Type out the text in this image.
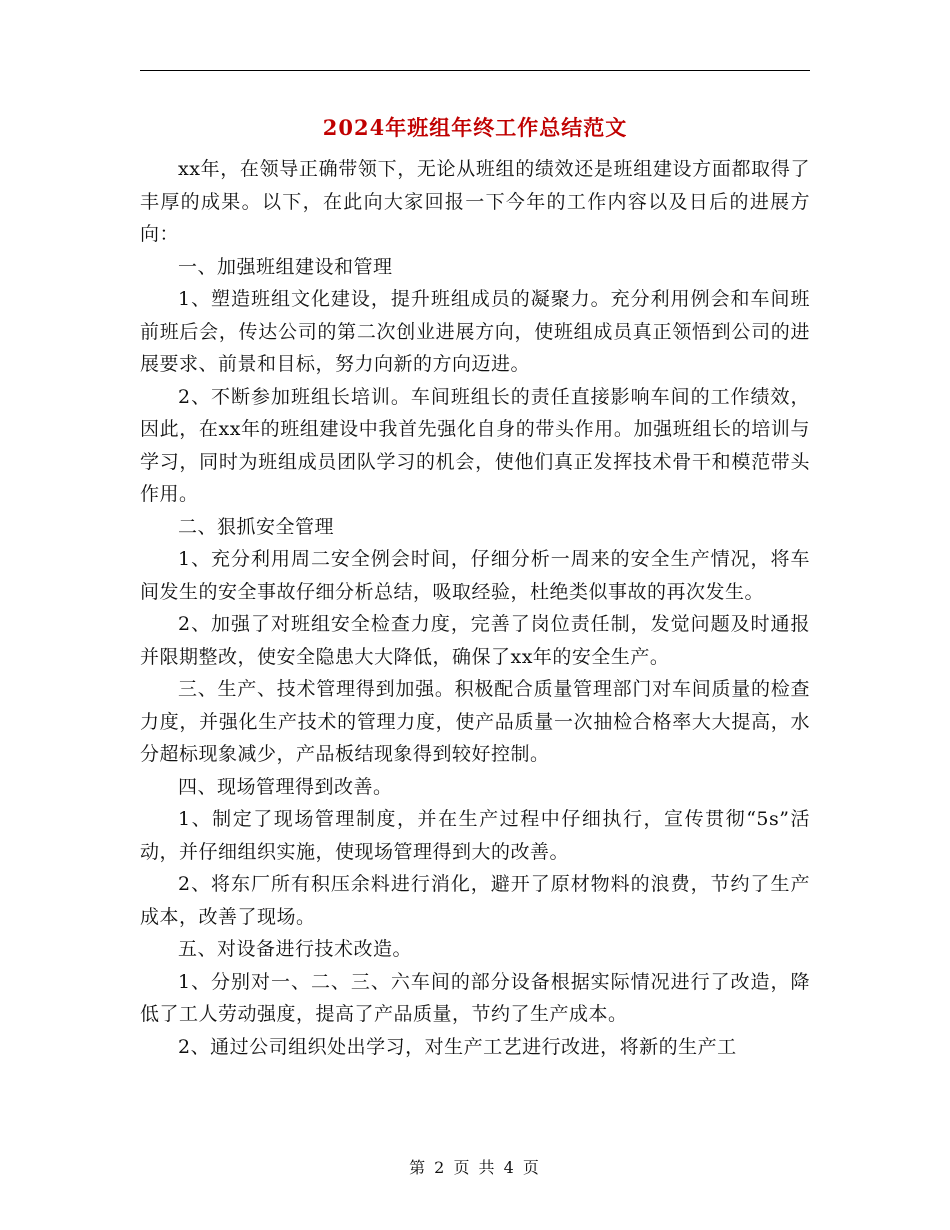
2024年班组年终工作总结范文

xx年，在领导正确带领下，无论从班组的绩效还是班组建设方面都取得了丰厚的成果。以下，在此向大家回报一下今年的工作内容以及日后的进展方向：

一、加强班组建设和管理

1、塑造班组文化建设，提升班组成员的凝聚力。充分利用例会和车间班前班后会，传达公司的第二次创业进展方向，使班组成员真正领悟到公司的进展要求、前景和目标，努力向新的方向迈进。

2、不断参加班组长培训。车间班组长的责任直接影响车间的工作绩效，因此，在xx年的班组建设中我首先强化自身的带头作用。加强班组长的培训与学习，同时为班组成员团队学习的机会，使他们真正发挥技术骨干和模范带头作用。

二、狠抓安全管理

1、充分利用周二安全例会时间，仔细分析一周来的安全生产情况，将车间发生的安全事故仔细分析总结，吸取经验，杜绝类似事故的再次发生。

2、加强了对班组安全检查力度，完善了岗位责任制，发觉问题及时通报并限期整改，使安全隐患大大降低，确保了xx年的安全生产。

三、生产、技术管理得到加强。积极配合质量管理部门对车间质量的检查力度，并强化生产技术的管理力度，使产品质量一次抽检合格率大大提高，水分超标现象减少，产品板结现象得到较好控制。

四、现场管理得到改善。

1、制定了现场管理制度，并在生产过程中仔细执行，宣传贯彻“5s”活动，并仔细组织实施，使现场管理得到大的改善。

2、将东厂所有积压余料进行消化，避开了原材物料的浪费，节约了生产成本，改善了现场。

五、对设备进行技术改造。

1、分别对一、二、三、六车间的部分设备根据实际情况进行了改造，降低了工人劳动强度，提高了产品质量，节约了生产成本。

2、通过公司组织处出学习，对生产工艺进行改进，将新的生产工

第 2 页 共 4 页
